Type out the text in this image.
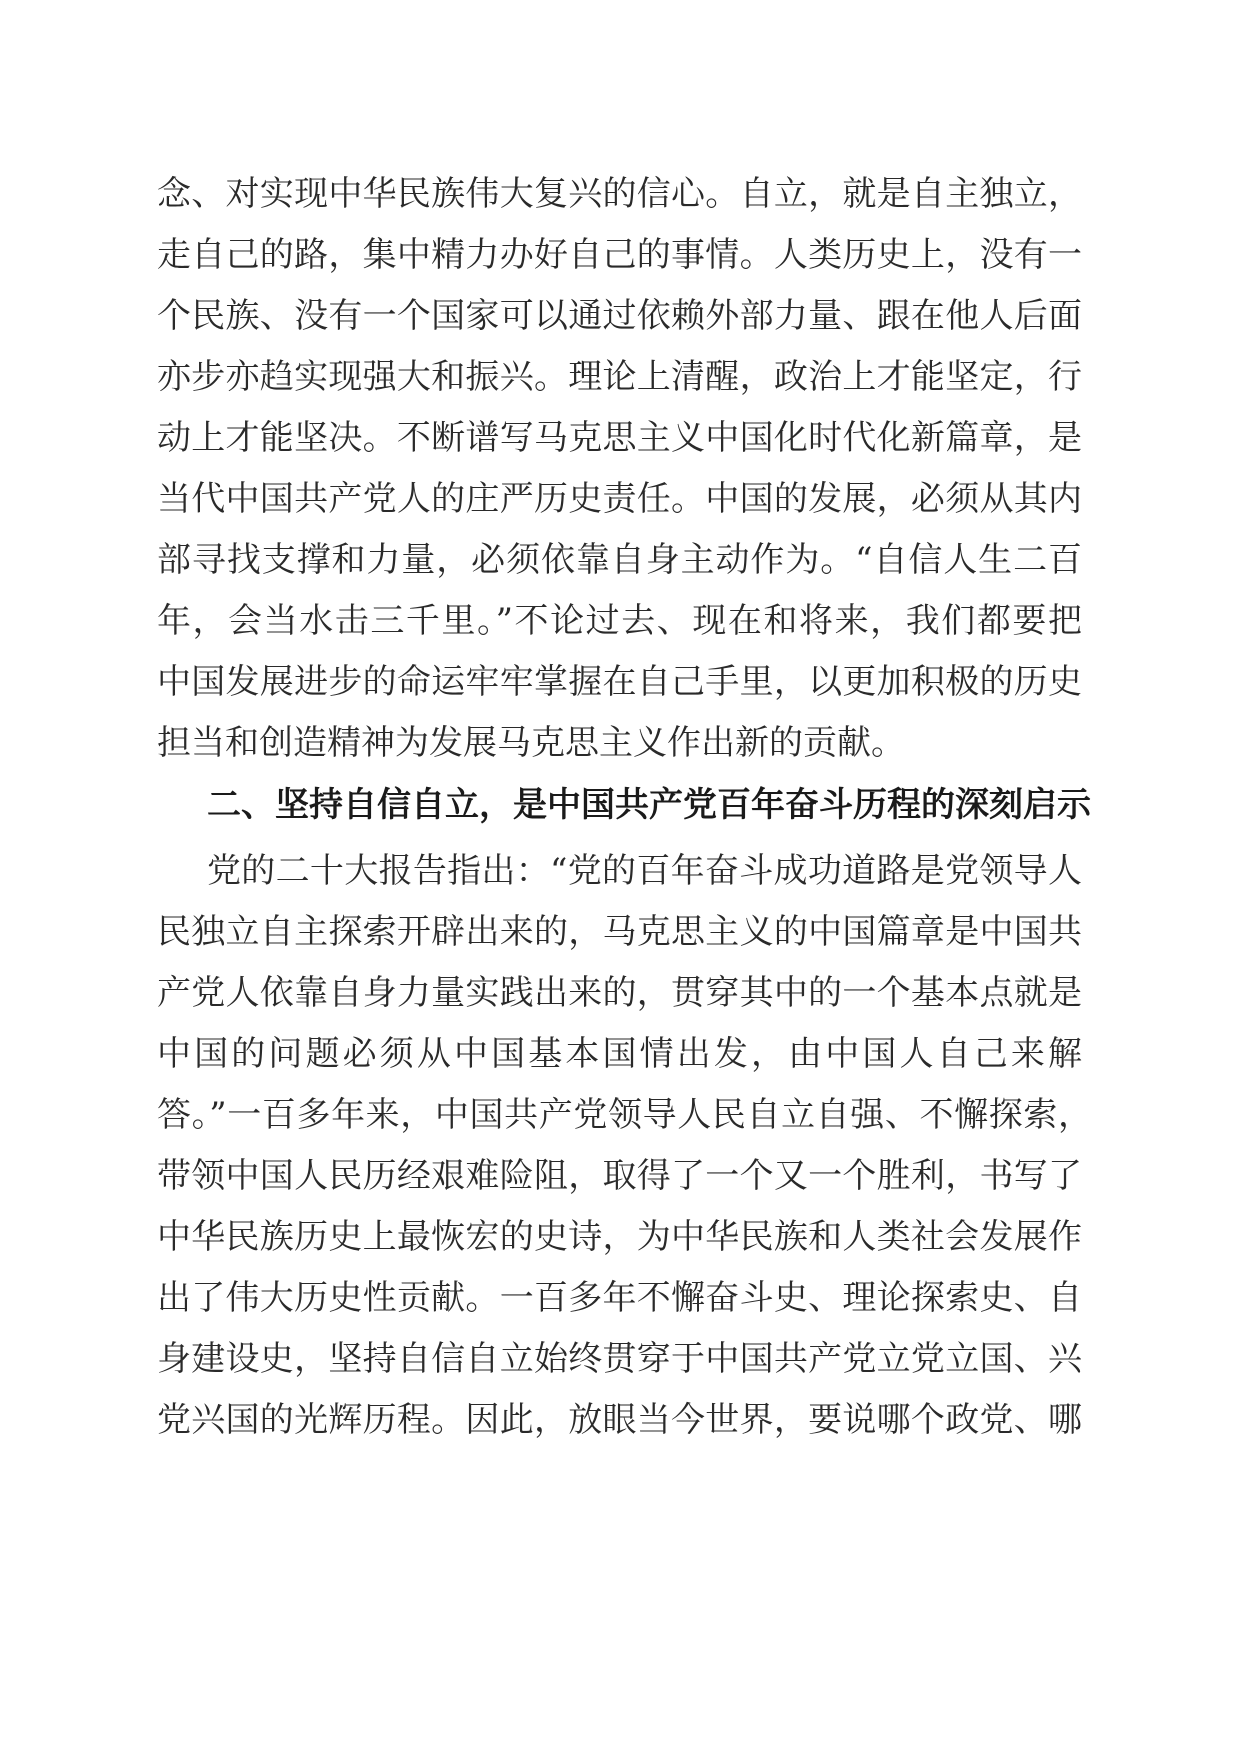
念、对实现中华民族伟大复兴的信心。自立，就是自主独立，
走自己的路，集中精力办好自己的事情。人类历史上，没有一
个民族、没有一个国家可以通过依赖外部力量、跟在他人后面
亦步亦趋实现强大和振兴。理论上清醒，政治上才能坚定，行
动上才能坚决。不断谱写马克思主义中国化时代化新篇章，是
当代中国共产党人的庄严历史责任。中国的发展，必须从其内
部寻找支撑和力量，必须依靠自身主动作为。“自信人生二百
年，会当水击三千里。”不论过去、现在和将来，我们都要把
中国发展进步的命运牢牢掌握在自己手里，以更加积极的历史
担当和创造精神为发展马克思主义作出新的贡献。
二、坚持自信自立，是中国共产党百年奋斗历程的深刻启示
党的二十大报告指出：“党的百年奋斗成功道路是党领导人
民独立自主探索开辟出来的，马克思主义的中国篇章是中国共
产党人依靠自身力量实践出来的，贯穿其中的一个基本点就是
中国的问题必须从中国基本国情出发，由中国人自己来解
答。”一百多年来，中国共产党领导人民自立自强、不懈探索，
带领中国人民历经艰难险阻，取得了一个又一个胜利，书写了
中华民族历史上最恢宏的史诗，为中华民族和人类社会发展作
出了伟大历史性贡献。一百多年不懈奋斗史、理论探索史、自
身建设史，坚持自信自立始终贯穿于中国共产党立党立国、兴
党兴国的光辉历程。因此，放眼当今世界，要说哪个政党、哪
